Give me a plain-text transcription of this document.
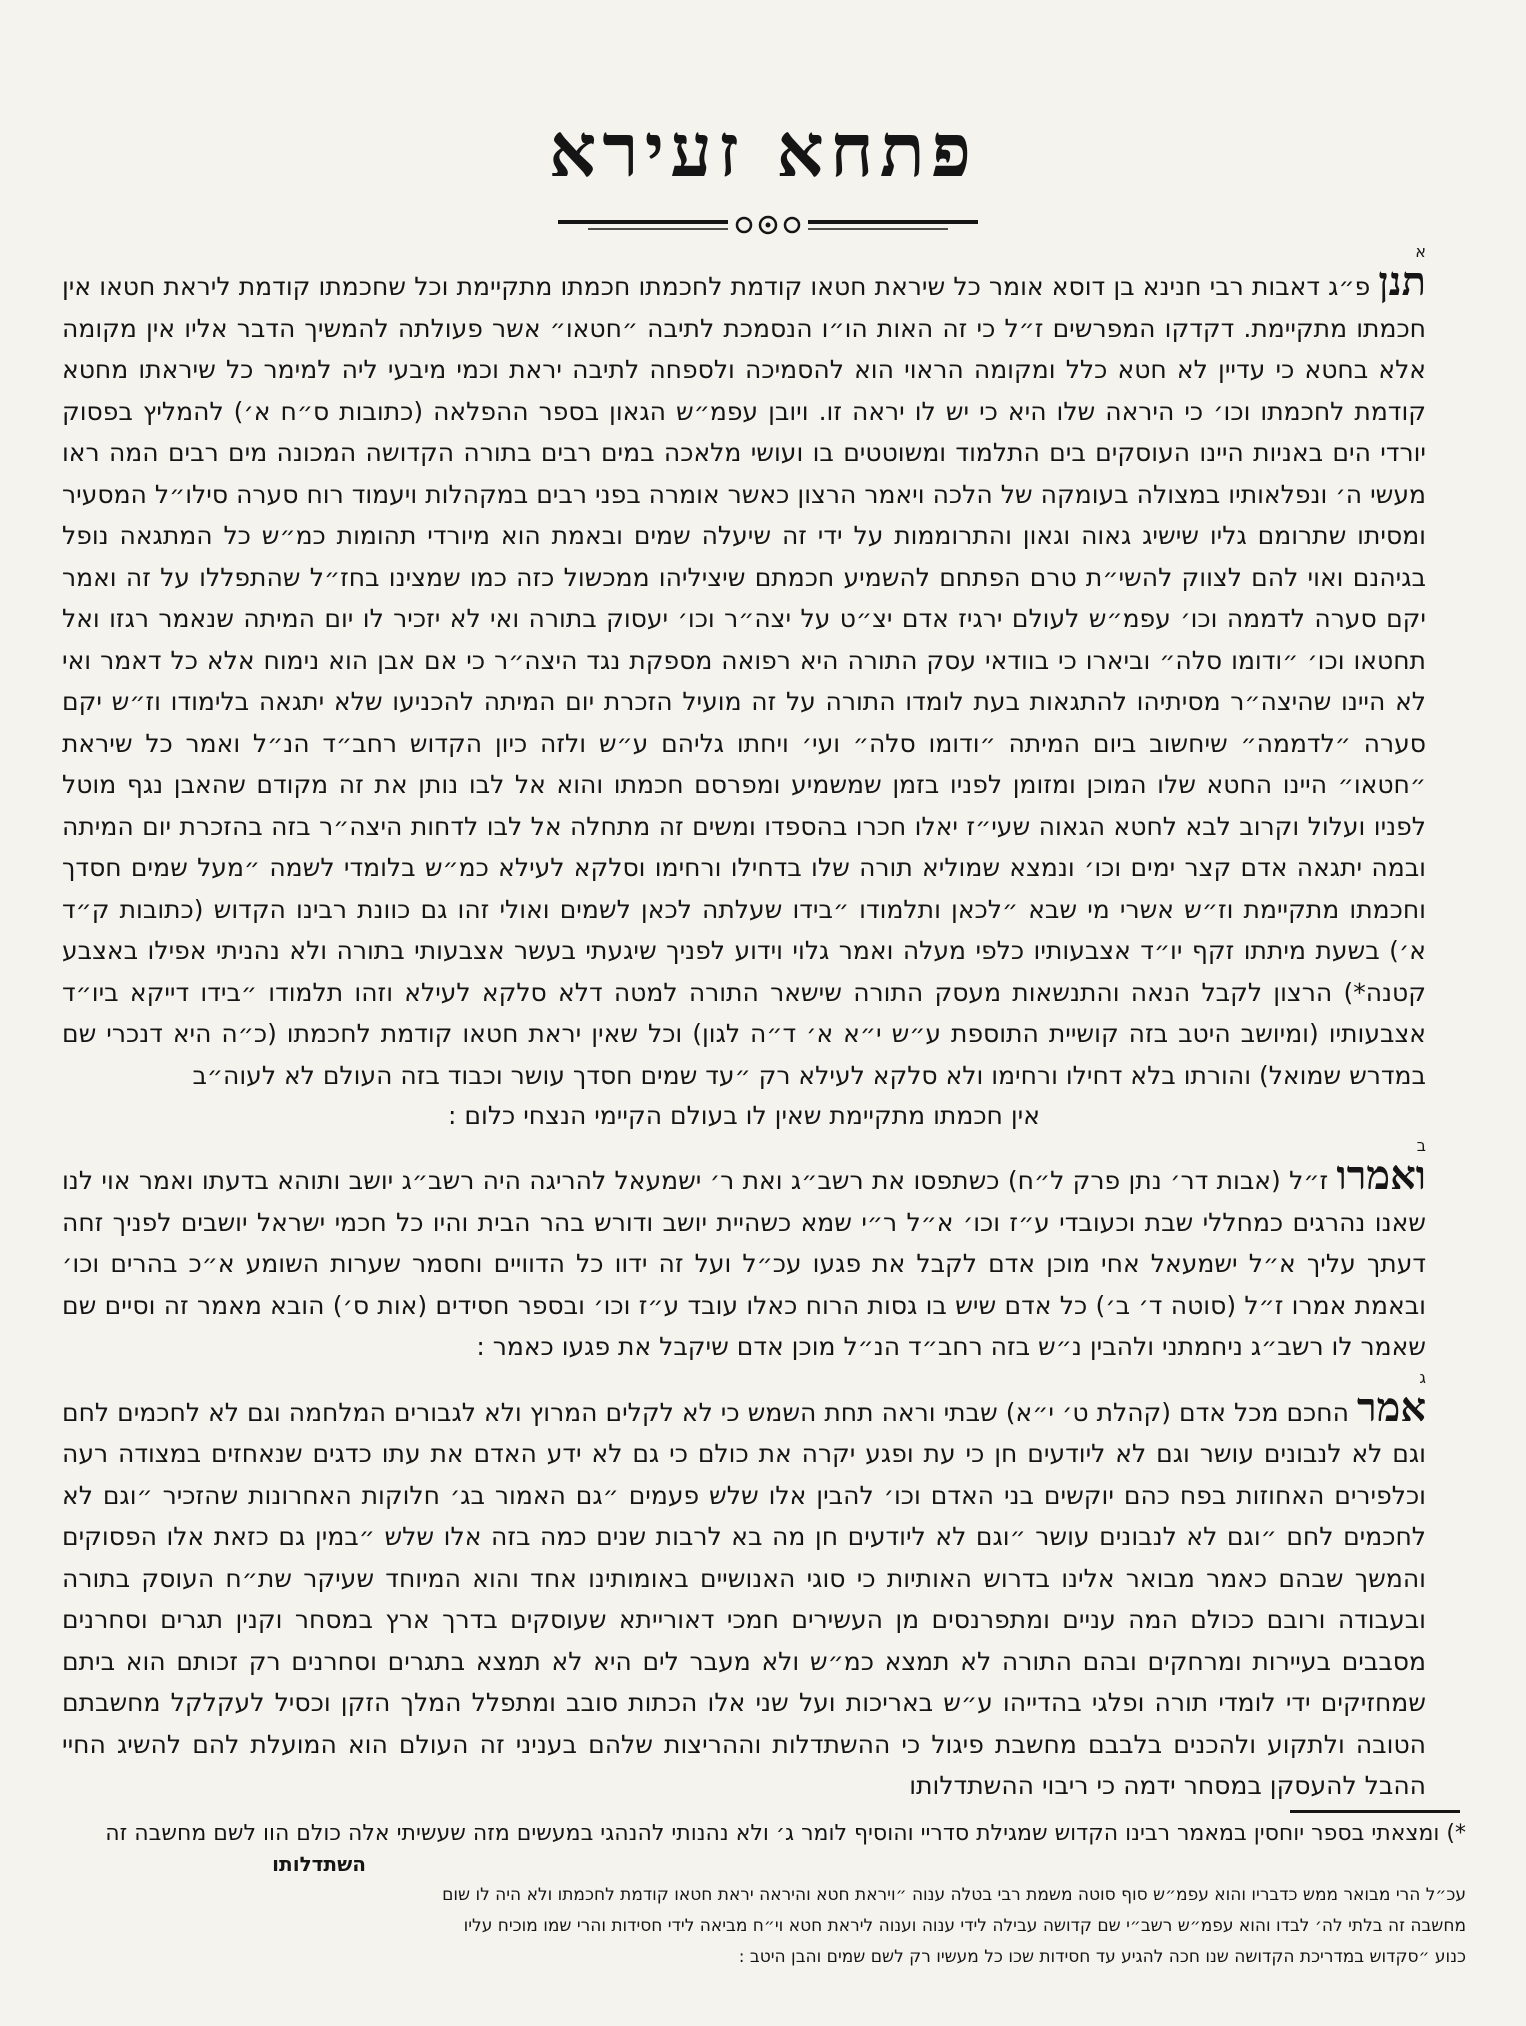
פתחא זעירא
א

תנן פ״ג דאבות רבי חנינא בן דוסא אומר כל שיראת חטאו קודמת לחכמתו חכמתו מתקיימת וכל שחכמתו קודמת ליראת חטאו אין חכמתו מתקיימת. דקדקו המפרשים ז״ל כי זה האות הו״ו הנסמכת לתיבה ״חטאו״ אשר פעולתה להמשיך הדבר אליו אין מקומה אלא בחטא כי עדיין לא חטא כלל ומקומה הראוי הוא להסמיכה ולספחה לתיבה יראת וכמי מיבעי ליה למימר כל שיראתו מחטא קודמת לחכמתו וכו׳ כי היראה שלו היא כי יש לו יראה זו. ויובן עפמ״ש הגאון בספר ההפלאה (כתובות ס״ח א׳) להמליץ בפסוק יורדי הים באניות היינו העוסקים בים התלמוד ומשוטטים בו ועושי מלאכה במים רבים בתורה הקדושה המכונה מים רבים המה ראו מעשי ה׳ ונפלאותיו במצולה בעומקה של הלכה ויאמר הרצון כאשר אומרה בפני רבים במקהלות ויעמוד רוח סערה סילו״ל המסעיר ומסיתו שתרומם גליו שישיג גאוה וגאון והתרוממות על ידי זה שיעלה שמים ובאמת הוא מיורדי תהומות כמ״ש כל המתגאה נופל בגיהנם ואוי להם לצווק להשי״ת טרם הפתחם להשמיע חכמתם שיציליהו ממכשול כזה כמו שמצינו בחז״ל שהתפללו על זה ואמר יקם סערה לדממה וכו׳ עפמ״ש לעולם ירגיז אדם יצ״ט על יצה״ר וכו׳ יעסוק בתורה ואי לא יזכיר לו יום המיתה שנאמר רגזו ואל תחטאו וכו׳ ״ודומו סלה״ וביארו כי בוודאי עסק התורה היא רפואה מספקת נגד היצה״ר כי אם אבן הוא נימוח אלא כל דאמר ואי לא היינו שהיצה״ר מסיתיהו להתגאות בעת לומדו התורה על זה מועיל הזכרת יום המיתה להכניעו שלא יתגאה בלימודו וז״ש יקם סערה ״לדממה״ שיחשוב ביום המיתה ״ודומו סלה״ ועי׳ ויחתו גליהם ע״ש ולזה כיון הקדוש רחב״ד הנ״ל ואמר כל שיראת ״חטאו״ היינו החטא שלו המוכן ומזומן לפניו בזמן שמשמיע ומפרסם חכמתו והוא אל לבו נותן את זה מקודם שהאבן נגף מוטל לפניו ועלול וקרוב לבא לחטא הגאוה שעי״ז יאלו חכרו בהספדו ומשים זה מתחלה אל לבו לדחות היצה״ר בזה בהזכרת יום המיתה ובמה יתגאה אדם קצר ימים וכו׳ ונמצא שמוליא תורה שלו בדחילו ורחימו וסלקא לעילא כמ״ש בלומדי לשמה ״מעל שמים חסדך וחכמתו מתקיימת וז״ש אשרי מי שבא ״לכאן ותלמודו ״בידו שעלתה לכאן לשמים ואולי זהו גם כוונת רבינו הקדוש (כתובות ק״ד א׳) בשעת מיתתו זקף יו״ד אצבעותיו כלפי מעלה ואמר גלוי וידוע לפניך שיגעתי בעשר אצבעותי בתורה ולא נהניתי אפילו באצבע קטנה*) הרצון לקבל הנאה והתנשאות מעסק התורה שישאר התורה למטה דלא סלקא לעילא וזהו תלמודו ״בידו דייקא ביו״ד אצבעותיו (ומיושב היטב בזה קושיית התוספת ע״ש י״א א׳ ד״ה לגון) וכל שאין יראת חטאו קודמת לחכמתו (כ״ה היא דנכרי שם במדרש שמואל) והורתו בלא דחילו ורחימו ולא סלקא לעילא רק ״עד שמים חסדך עושר וכבוד בזה העולם לא לעוה״ב

אין חכמתו מתקיימת שאין לו בעולם הקיימי הנצחי כלום :
ב

ואמרו ז״ל (אבות דר׳ נתן פרק ל״ח) כשתפסו את רשב״ג ואת ר׳ ישמעאל להריגה היה רשב״ג יושב ותוהא בדעתו ואמר אוי לנו שאנו נהרגים כמחללי שבת וכעובדי ע״ז וכו׳ א״ל ר״י שמא כשהיית יושב ודורש בהר הבית והיו כל חכמי ישראל יושבים לפניך זחה דעתך עליך א״ל ישמעאל אחי מוכן אדם לקבל את פגעו עכ״ל ועל זה ידוו כל הדוויים וחסמר שערות השומע א״כ בהרים וכו׳ ובאמת אמרו ז״ל (סוטה ד׳ ב׳) כל אדם שיש בו גסות הרוח כאלו עובד ע״ז וכו׳ ובספר חסידים (אות ס׳) הובא מאמר זה וסיים שם שאמר לו רשב״ג ניחמתני ולהבין נ״ש בזה רחב״ד הנ״ל מוכן אדם שיקבל את פגעו כאמר :

ג

אמר החכם מכל אדם (קהלת ט׳ י״א) שבתי וראה תחת השמש כי לא לקלים המרוץ ולא לגבורים המלחמה וגם לא לחכמים לחם וגם לא לנבונים עושר וגם לא ליודעים חן כי עת ופגע יקרה את כולם כי גם לא ידע האדם את עתו כדגים שנאחזים במצודה רעה וכלפירים האחוזות בפח כהם יוקשים בני האדם וכו׳ להבין אלו שלש פעמים ״גם האמור בג׳ חלוקות האחרונות שהזכיר ״וגם לא לחכמים לחם ״וגם לא לנבונים עושר ״וגם לא ליודעים חן מה בא לרבות שנים כמה בזה אלו שלש ״במין גם כזאת אלו הפסוקים והמשך שבהם כאמר מבואר אלינו בדרוש האותיות כי סוגי האנושיים באומותינו אחד והוא המיוחד שעיקר שת״ח העוסק בתורה ובעבודה ורובם ככולם המה עניים ומתפרנסים מן העשירים חמכי דאורייתא שעוסקים בדרך ארץ במסחר וקנין תגרים וסחרנים מסבבים בעיירות ומרחקים ובהם התורה לא תמצא כמ״ש ולא מעבר לים היא לא תמצא בתגרים וסחרנים רק זכותם הוא ביתם שמחזיקים ידי לומדי תורה ופלגי בהדייהו ע״ש באריכות ועל שני אלו הכתות סובב ומתפלל המלך הזקן וכסיל לעקלקל מחשבתם הטובה ולתקוע ולהכנים בלבבם מחשבת פיגול כי ההשתדלות וההריצות שלהם בעניני זה העולם הוא המועלת להם להשיג החיי ההבל להעסקן במסחר ידמה כי ריבוי ההשתדלותו

*) ומצאתי בספר יוחסין במאמר רבינו הקדוש שמגילת סדריי והוסיף לומר ג׳ ולא נהנותי להנהגי במעשים מזה שעשיתי אלה כולם הוו לשם מחשבה זה

השתדלותו

עכ״ל הרי מבואר ממש כדבריו והוא עפמ״ש סוף סוטה משמת רבי בטלה ענוה ״ויראת חטא והיראה יראת חטאו קודמת לחכמתו ולא היה לו שום

מחשבה זה בלתי לה׳ לבדו והוא עפמ״ש רשב״י שם קדושה עבילה לידי ענוה וענוה ליראת חטא וי״ח מביאה לידי חסידות והרי שמו מוכיח עליו

כנוע ״סקדוש במדריכת הקדושה שנו חכה להגיע עד חסידות שכו כל מעשיו רק לשם שמים והבן היטב :
